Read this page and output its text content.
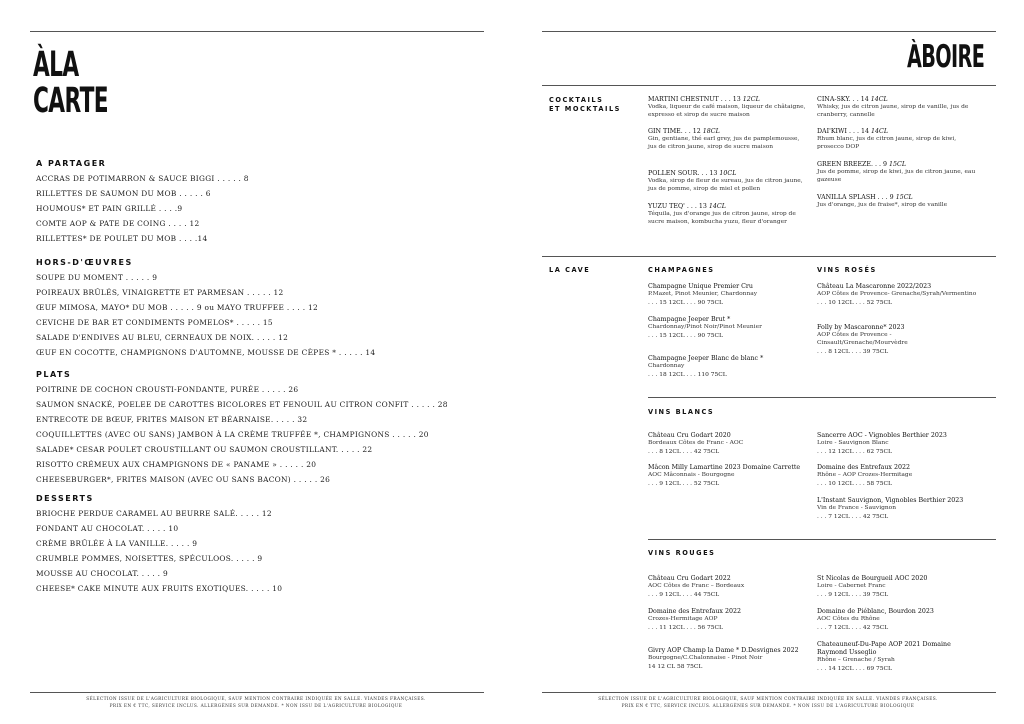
ÀLA
CARTE
A PARTAGER
ACCRAS DE POTIMARRON & SAUCE BIGGI . . . . . 8
RILLETTES DE SAUMON DU MOB . . . . . 6
HOUMOUS* ET PAIN GRILLÉ . . . .9
COMTE AOP & PATE DE COING . . . . 12
RILLETTES* DE POULET DU MOB . . . .14
HORS-D'ŒUVRES
SOUPE DU MOMENT . . . . . 9
POIREAUX BRÛLÉS, VINAIGRETTE ET PARMESAN . . . . . 12
ŒUF MIMOSA, MAYO* DU MOB . . . . . 9 ou MAYO TRUFFEE . . . . 12
CEVICHE DE BAR ET CONDIMENTS POMELOS* . . . . . 15
SALADE D'ENDIVES AU BLEU, CERNEAUX DE NOIX. . . . . 12
ŒUF EN COCOTTE, CHAMPIGNONS D'AUTOMNE, MOUSSE DE CÈPES * . . . . . 14
PLATS
POITRINE DE COCHON CROUSTI-FONDANTE, PURÉE . . . . . 26
SAUMON SNACKÉ, POELEE DE CAROTTES BICOLORES ET FENOUIL AU CITRON CONFIT . . . . . 28
ENTRECOTE DE BŒUF, FRITES MAISON ET BÉARNAISE. . . . . 32
COQUILLETTES (AVEC OU SANS) JAMBON À LA CRÈME TRUFFÉE *, CHAMPIGNONS . . . . . 20
SALADE* CESAR POULET CROUSTILLANT OU SAUMON CROUSTILLANT. . . . . 22
RISOTTO CRÉMEUX AUX CHAMPIGNONS DE « PANAME » . . . . . 20
CHEESEBURGER*, FRITES MAISON (AVEC OU SANS BACON) . . . . . 26
DESSERTS
BRIOCHE PERDUE CARAMEL AU BEURRE SALÉ. . . . . 12
FONDANT AU CHOCOLAT. . . . . 10
CRÈME BRÛLÉE À LA VANILLE. . . . . 9
CRUMBLE POMMES, NOISETTES, SPÉCULOOS. . . . . 9
MOUSSE AU CHOCOLAT. . . . . 9
CHEESE* CAKE MINUTE AUX FRUITS EXOTIQUES. . . . . 10
SÉLECTION ISSUE DE L'AGRICULTURE BIOLOGIQUE, SAUF MENTION CONTRAIRE INDIQUÉE EN SALLE. VIANDES FRANÇAISES.
PRIX EN € TTC, SERVICE INCLUS. ALLERGÈNES SUR DEMANDE. * NON ISSU DE L'AGRICULTURE BIOLOGIQUE
ÀBOIRE
COCKTAILS
ET MOCKTAILS
MARTINI CHESTNUT . . . 13 12CL
Vodka, liqueur de café maison, liqueur de châtaigne, expresso et sirop de sucre maison
GIN TIME. . . 12 18CL
Gin, gentiane, thé earl grey, jus de pamplemousse, jus de citron jaune, sirop de sucre maison
POLLEN SOUR. . . 13 10CL
Vodka, sirop de fleur de sureau, jus de citron jaune, jus de pomme, sirop de miel et pollen
YUZU TEQ' . . . 13 14CL
Téquila, jus d'orange jus de citron jaune, sirop de sucre maison, kombucha yuzu, fleur d'oranger
CINA-SKY. . . 14 14CL
Whisky, jus de citron jaune, sirop de vanille, jus de cranberry, cannelle
DAI'KIWI . . . 14 14CL
Rhum blanc, jus de citron jaune, sirop de kiwi, prosecco DOP
GREEN BREEZE. . . 9 15CL
Jus de pomme, sirop de kiwi, jus de citron jaune, eau gazeuse
VANILLA SPLASH . . . 9 15CL
Jus d'orange, jus de fraise*, sirop de vanille
LA CAVE	CHAMPAGNES
Champagne Unique Premier Cru
P.Mazet, Pinot Meunier, Chardonnay
. . . 15 12CL . . . 90 75CL
Champagne Jeeper Brut *
Chardonnay/Pinot Noir/Pinot Meunier
. . . 15 12CL . . . 90 75CL
Champagne Jeeper Blanc de blanc *
Chardonnay
. . . 18 12CL . . . 110 75CL
VINS ROSÉS
Château La Mascaronne 2022/2023
AOP Côtes de Provence- Grenache/Syrah/Vermentino
. . . 10 12CL . . . 52 75CL
Folly by Mascaronne* 2023
AOP Côtes de Provence - Cinsault/Grenache/Mourvèdre
. . . 8 12CL . . . 39 75CL
VINS BLANCS
Château Cru Godart 2020
Bordeaux Côtes de Franc - AOC
. . . 8 12CL . . . 42 75CL
Mâcon Milly Lamartine 2023 Domaine Carrette
AOC Mâconnais - Bourgogne
. . . 9 12CL . . . 52 75CL
Sancerre AOC - Vignobles Berthier 2023
Loire - Sauvignon Blanc
. . . 12 12CL . . . 62 75CL
Domaine des Entrefaux 2022
Rhône – AOP Crozes-Hermitage
. . . 10 12CL . . . 58 75CL
L'Instant Sauvignon, Vignobles Berthier 2023
Vin de France - Sauvignon
. . . 7 12CL . . . 42 75CL
VINS ROUGES
Château Cru Godart 2022
AOC Côtes de Franc – Bordeaux
. . . 9 12CL . . . 44 75CL
Domaine des Entrefaux 2022
Crozes-Hermitage AOP
. . . 11 12CL . . . 56 75CL
Givry AOP Champ la Dame * D.Desvignes 2022
Bourgogne/C.Chalonnaise - Pinot Noir
14 12 CL 58 75CL
St Nicolas de Bourgueil AOC 2020
Loire - Cabernet Franc
. . . 9 12CL . . . 39 75CL
Domaine de Piéblanc, Bourdon 2023
AOC Côtes du Rhône
. . . 7 12CL . . . 42 75CL
Chateauneuf-Du-Pape AOP 2021 Domaine Raymond Usseglio
Rhône – Grenache / Syrah
. . . 14 12CL . . . 69 75CL
SÉLECTION ISSUE DE L'AGRICULTURE BIOLOGIQUE, SAUF MENTION CONTRAIRE INDIQUÉE EN SALLE. VIANDES FRANÇAISES.
PRIX EN € TTC, SERVICE INCLUS. ALLERGÈNES SUR DEMANDE. * NON ISSU DE L'AGRICULTURE BIOLOGIQUE
